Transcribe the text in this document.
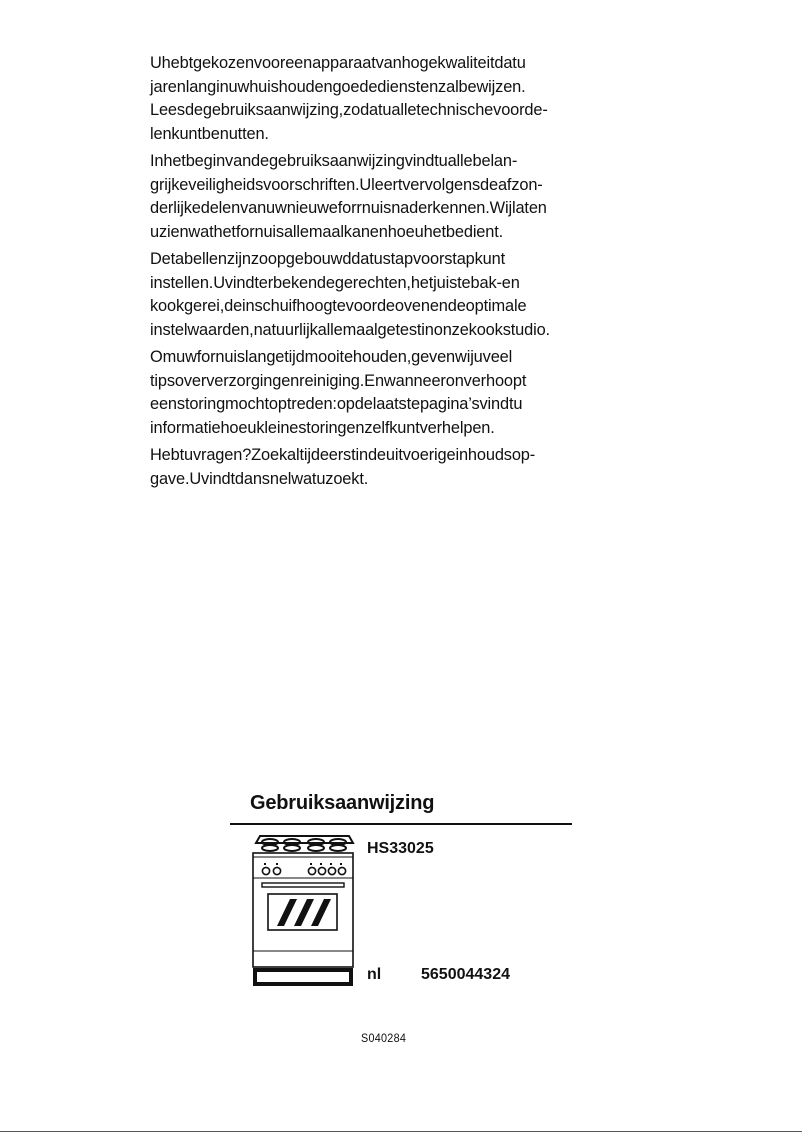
Uhebtgekozenvooreenapparaatvanhogekwaliteitdatu
jarenlanginuwhuishoudengoededienstenzalbewijzen.
Leesdegebruiksaanwijzing,zodatualletechnischevoorde-
lenkuntbenutten.

Inhetbeginvandegebruiksaanwijzingvindtuallebelan-
grijkeveiligheidsvoorschriften.Uleertvervolgensdeafzon-
derlijkedelenvanuwnieuweforrnuisnaderkennen.Wijlaten
uzienwathetfornuisallemaalkanenhoeuhetbedient.

Detabellenzijnzoopgebouwddatustapvoorstapkunt
instellen.Uvindterbekendegerechten,hetjuistebak-en
kookgerei,deinschuifhoogtevoordeovenendeoptimale
instelwaarden,natuurlijkallemaalgetestinonzekookstudio.

Omuwfornuislangetijdmooitehouden,gevenwijuveel
tipsoververzorgingenreiniging.Enwanneeronverhoopt
eenstoringmochtoptreden:opdelaatstepagina’svindtu
informatiehoeukleinestoringenzelfkuntverhelpen.

Hebtuvragen?Zoekaltijdeerstindeuitvoerigeinhoudsop-
gave.Uvindtdansnelwatuzoekt.

Gebruiksaanwijzing
HS33025
nl 5650044324
S040284
